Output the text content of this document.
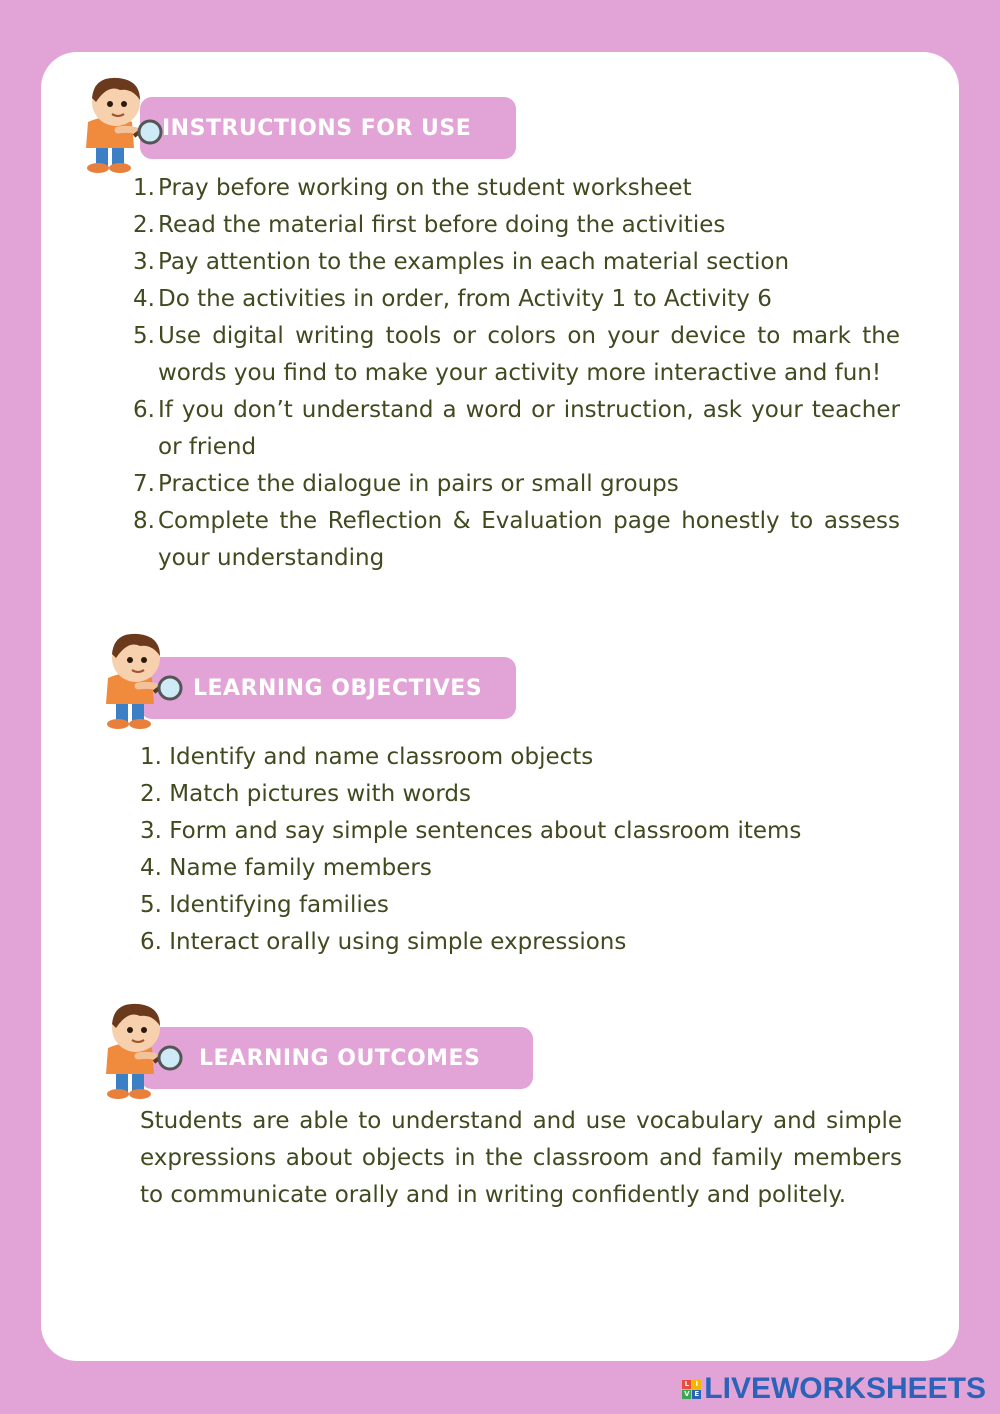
INSTRUCTIONS FOR USE
1. Pray before working on the student worksheet
2. Read the material first before doing the activities
3. Pay attention to the examples in each material section
4. Do the activities in order, from Activity 1 to Activity 6
5. Use digital writing tools or colors on your device to mark the words you find to make your activity more interactive and fun!
6. If you don’t understand a word or instruction, ask your teacher or friend
7. Practice the dialogue in pairs or small groups
8. Complete the Reflection & Evaluation page honestly to assess your understanding
LEARNING OBJECTIVES
1. Identify and name classroom objects
2. Match pictures with words
3. Form and say simple sentences about classroom items
4. Name family members
5. Identifying families
6. Interact orally using simple expressions
LEARNING OUTCOMES
Students are able to understand and use vocabulary and simple expressions about objects in the classroom and family members to communicate orally and in writing confidently and politely.
L I
V E LIVEWORKSHEETS
